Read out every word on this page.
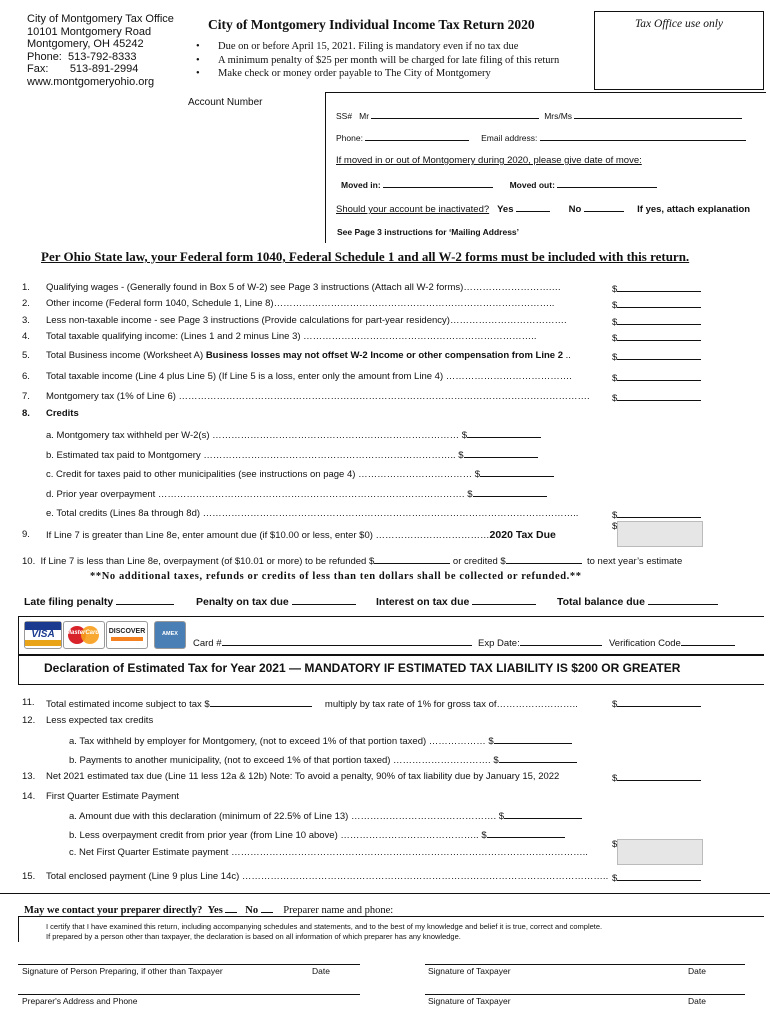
City of Montgomery Tax Office
10101 Montgomery Road
Montgomery, OH 45242
Phone: 513-792-8333
Fax: 513-891-2994
www.montgomeryohio.org
City of Montgomery Individual Income Tax Return 2020
• Due on or before April 15, 2021. Filing is mandatory even if no tax due
• A minimum penalty of $25 per month will be charged for late filing of this return
• Make check or money order payable to The City of Montgomery
Tax Office use only
Account Number
SS# Mr	Mrs/Ms
Phone:	Email address:
If moved in or out of Montgomery during 2020, please give date of move:
Moved in:	Moved out:
Should your account be inactivated? Yes	No	If yes, attach explanation
See Page 3 instructions for ‘Mailing Address’
Per Ohio State law, your Federal form 1040, Federal Schedule 1 and all W-2 forms must be included with this return.
1. Qualifying wages - (Generally found in Box 5 of W-2) see Page 3 instructions (Attach all W-2 forms)……………………….…	$
2. Other income (Federal form 1040, Schedule 1, Line 8)……………………………………………………………………………..	$
3. Less non-taxable income - see Page 3 instructions (Provide calculations for part-year residency)……………………………….	$
4. Total taxable qualifying income: (Lines 1 and 2 minus Line 3) ………………………………………………………………..	$
5. Total Business income (Worksheet A) Business losses may not offset W-2 Income or other compensation from Line 2 ..	$
6. Total taxable income (Line 4 plus Line 5) (If Line 5 is a loss, enter only the amount from Line 4) ………………………………….	$
7. Montgomery tax (1% of Line 6) …………………………………………………………………………………………………………………. $
8. Credits
a. Montgomery tax withheld per W-2(s) …………………………………………………………………… $
b. Estimated tax paid to Montgomery …………………………………………………………………….. $
c. Credit for taxes paid to other municipalities (see instructions on page 4) ……………………………… $
d. Prior year overpayment ……………………………………………………………………………………. $
e. Total credits (Lines 8a through 8d) ………………………………………………………………………………………………………..	$
9. If Line 7 is greater than Line 8e, enter amount due (if $10.00 or less, enter $0) ………………………………2020 Tax Due
$
10. If Line 7 is less than Line 8e, overpayment (of $10.01 or more) to be refunded $	or credited $	to next year’s estimate
**No additional taxes, refunds or credits of less than ten dollars shall be collected or refunded.**
Late filing penalty	Penalty on tax due	Interest on tax due	Total balance due
VISA	MasterCard DISCOVER	AMEX
Card #	Exp Date:	Verification Code
Declaration of Estimated Tax for Year 2021 — MANDATORY IF ESTIMATED TAX LIABILITY IS $200 OR GREATER
11. Total estimated income subject to tax $	multiply by tax rate of 1% for gross tax of……………………..	$
12. Less expected tax credits
a. Tax withheld by employer for Montgomery, (not to exceed 1% of that portion taxed) ……………… $
b. Payments to another municipality, (not to exceed 1% of that portion taxed) …………………………. $
13. Net 2021 estimated tax due (Line 11 less 12a & 12b) Note: To avoid a penalty, 90% of tax liability due by January 15, 2022	$
14. First Quarter Estimate Payment
a. Amount due with this declaration (minimum of 22.5% of Line 13) ………………………………………. $
b. Less overpayment credit from prior year (from Line 10 above) …………………………………….. $
c. Net First Quarter Estimate payment …………………………………………………………………………………………………..
$
15. Total enclosed payment (Line 9 plus Line 14c) …………………………………………………………………………………………………….. $
May we contact your preparer directly? Yes No Preparer name and phone:
I certify that I have examined this return, including accompanying schedules and statements, and to the best of my knowledge and belief it is true, correct and complete.
If prepared by a person other than taxpayer, the declaration is based on all information of which preparer has any knowledge.
Signature of Person Preparing, if other than Taxpayer	Date	Signature of Taxpayer	Date
Preparer's Address and Phone	Signature of Taxpayer	Date
